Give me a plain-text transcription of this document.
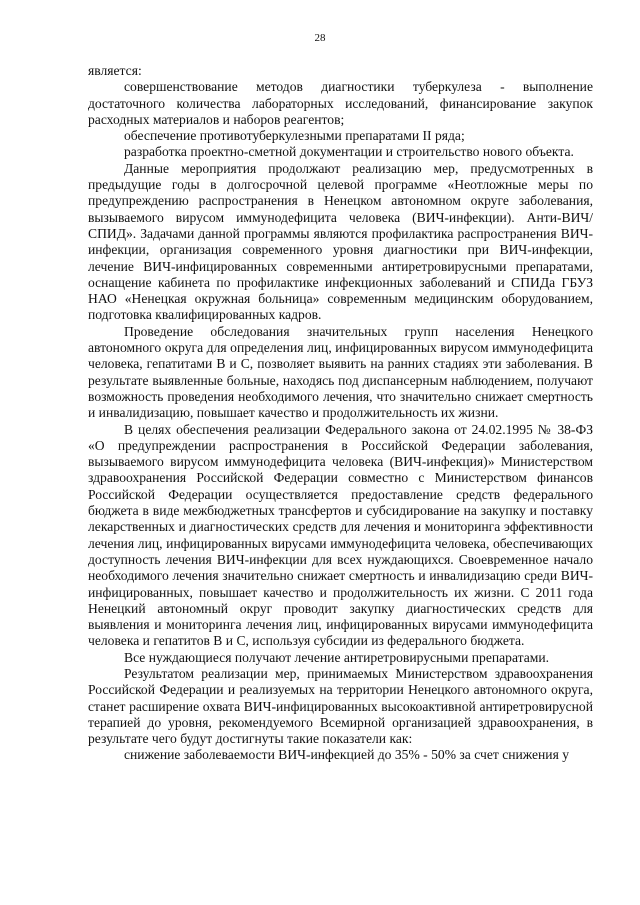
28

является:

совершенствование методов диагностики туберкулеза - выполнение достаточного количества лабораторных исследований, финансирование закупок расходных материалов и наборов реагентов;

обеспечение противотуберкулезными препаратами II ряда;

разработка проектно-сметной документации и строительство нового объекта.

Данные мероприятия продолжают реализацию мер, предусмотренных в предыдущие годы в долгосрочной целевой программе «Неотложные меры по предупреждению распространения в Ненецком автономном округе заболевания, вызываемого вирусом иммунодефицита человека (ВИЧ-инфекции). Анти-ВИЧ/СПИД». Задачами данной программы являются профилактика распространения ВИЧ-инфекции, организация современного уровня диагностики при ВИЧ-инфекции, лечение ВИЧ-инфицированных современными антиретровирусными препаратами, оснащение кабинета по профилактике инфекционных заболеваний и СПИДа ГБУЗ НАО «Ненецкая окружная больница» современным медицинским оборудованием, подготовка квалифицированных кадров.

Проведение обследования значительных групп населения Ненецкого автономного округа для определения лиц, инфицированных вирусом иммунодефицита человека, гепатитами В и С, позволяет выявить на ранних стадиях эти заболевания. В результате выявленные больные, находясь под диспансерным наблюдением, получают возможность проведения необходимого лечения, что значительно снижает смертность и инвалидизацию, повышает качество и продолжительность их жизни.

В целях обеспечения реализации Федерального закона от 24.02.1995 № 38-ФЗ «О предупреждении распространения в Российской Федерации заболевания, вызываемого вирусом иммунодефицита человека (ВИЧ-инфекция)» Министерством здравоохранения Российской Федерации совместно с Министерством финансов Российской Федерации осуществляется предоставление средств федерального бюджета в виде межбюджетных трансфертов и субсидирование на закупку и поставку лекарственных и диагностических средств для лечения и мониторинга эффективности лечения лиц, инфицированных вирусами иммунодефицита человека, обеспечивающих доступность лечения ВИЧ-инфекции для всех нуждающихся. Своевременное начало необходимого лечения значительно снижает смертность и инвалидизацию среди ВИЧ-инфицированных, повышает качество и продолжительность их жизни. С 2011 года Ненецкий автономный округ проводит закупку диагностических средств для выявления и мониторинга лечения лиц, инфицированных вирусами иммунодефицита человека и гепатитов В и С, используя субсидии из федерального бюджета.

Все нуждающиеся получают лечение антиретровирусными препаратами.

Результатом реализации мер, принимаемых Министерством здравоохранения Российской Федерации и реализуемых на территории Ненецкого автономного округа, станет расширение охвата ВИЧ-инфицированных высокоактивной антиретровирусной терапией до уровня, рекомендуемого Всемирной организацией здравоохранения, в результате чего будут достигнуты такие показатели как:

снижение заболеваемости ВИЧ-инфекцией до 35% - 50% за счет снижения у
